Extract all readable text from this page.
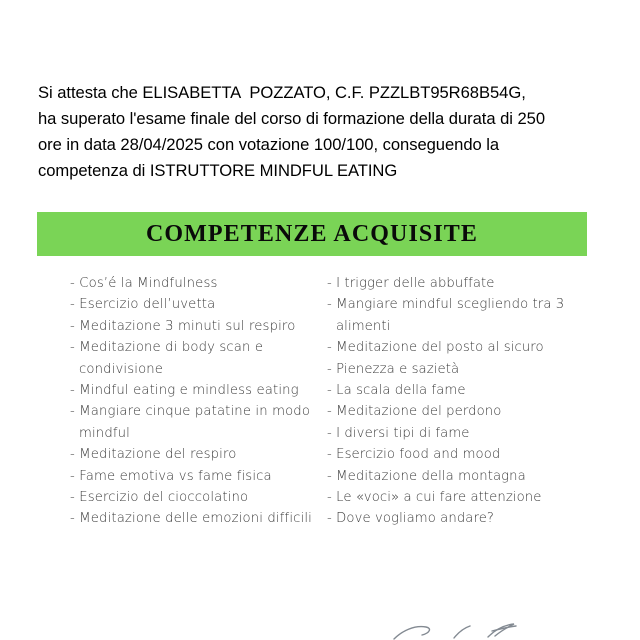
Si attesta che ELISABETTA  POZZATO, C.F. PZZLBT95R68B54G,
ha superato l'esame finale del corso di formazione della durata di 250
ore in data 28/04/2025 con votazione 100/100, conseguendo la
competenza di ISTRUTTORE MINDFUL EATING
COMPETENZE ACQUISITE
- Cos’é la Mindfulness
- Esercizio dell’uvetta
- Meditazione 3 minuti sul respiro
- Meditazione di body scan e condivisione
- Mindful eating e mindless eating
- Mangiare cinque patatine in modo mindful
- Meditazione del respiro
- Fame emotiva vs fame fisica
- Esercizio del cioccolatino
- Meditazione delle emozioni difficili
- I trigger delle abbuffate
- Mangiare mindful scegliendo tra 3 alimenti
- Meditazione del posto al sicuro
- Pienezza e sazietà
- La scala della fame
- Meditazione del perdono
- I diversi tipi di fame
- Esercizio food and mood
- Meditazione della montagna
- Le «voci» a cui fare attenzione
- Dove vogliamo andare?
